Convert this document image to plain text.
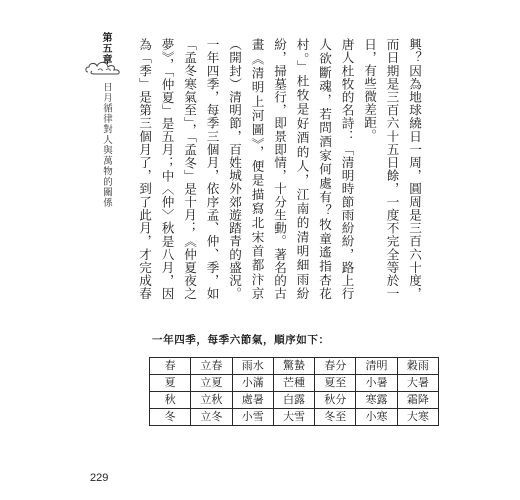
第五章
日月循律對人與萬物的關係	興？因為地球繞日一周，圓周是三百六十度，而日期是三百六十五日餘，一度不完全等於一日，有些微差距。

唐人杜牧的名詩：「清明時節雨紛紛，路上行人欲斷魂，若問酒家何處有？牧童遙指杏花村。」杜牧是好酒的人，江南的清明細雨紛紛，掃墓行，即景即情，十分生動。著名的古畫《清明上河圖》，便是描寫北宋首都汴京（開封）清明節，百姓城外郊遊踏青的盛況。一年四季，每季三個月，依序孟、仲、季，如「孟冬寒氣至」，「孟冬」是十月；《仲夏夜之夢》，「仲夏」是五月；中〈仲〉秋是八月，因為「季」是第三個月了，到了此月，才完成春

一年四季，每季六節氣，順序如下：
春	立春	雨水	驚蟄	春分	清明	穀雨
夏	立夏	小滿	芒種	夏至	小暑	大暑
秋	立秋	處暑	白露	秋分	寒露	霜降
冬	立冬	小雪	大雪	冬至	小寒	大寒
229
